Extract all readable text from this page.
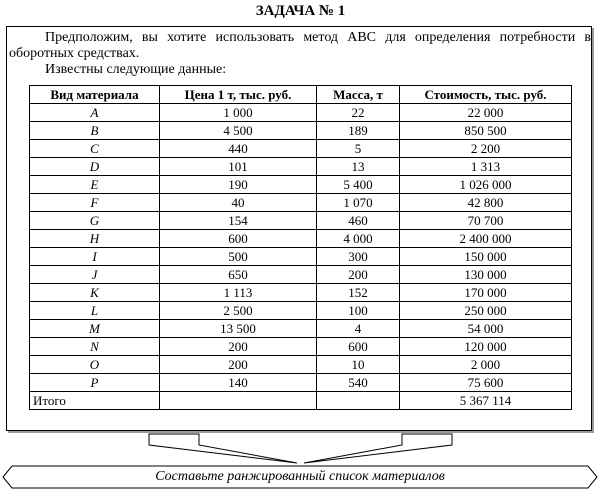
ЗАДАЧА № 1

Предположим, вы хотите использовать метод ABC для определения потребности в оборотных средствах.

Известны следующие данные:

Вид материала	Цена 1 т, тыс. руб.	Масса, т	Стоимость, тыс. руб.
A	1 000	22	22 000
B	4 500	189	850 500
C	440	5	2 200
D	101	13	1 313
E	190	5 400	1 026 000
F	40	1 070	42 800
G	154	460	70 700
H	600	4 000	2 400 000
I	500	300	150 000
J	650	200	130 000
K	1 113	152	170 000
L	2 500	100	250 000
M	13 500	4	54 000
N	200	600	120 000
O	200	10	2 000
P	140	540	75 600
Итого			5 367 114
Составьте ранжированный список материалов
